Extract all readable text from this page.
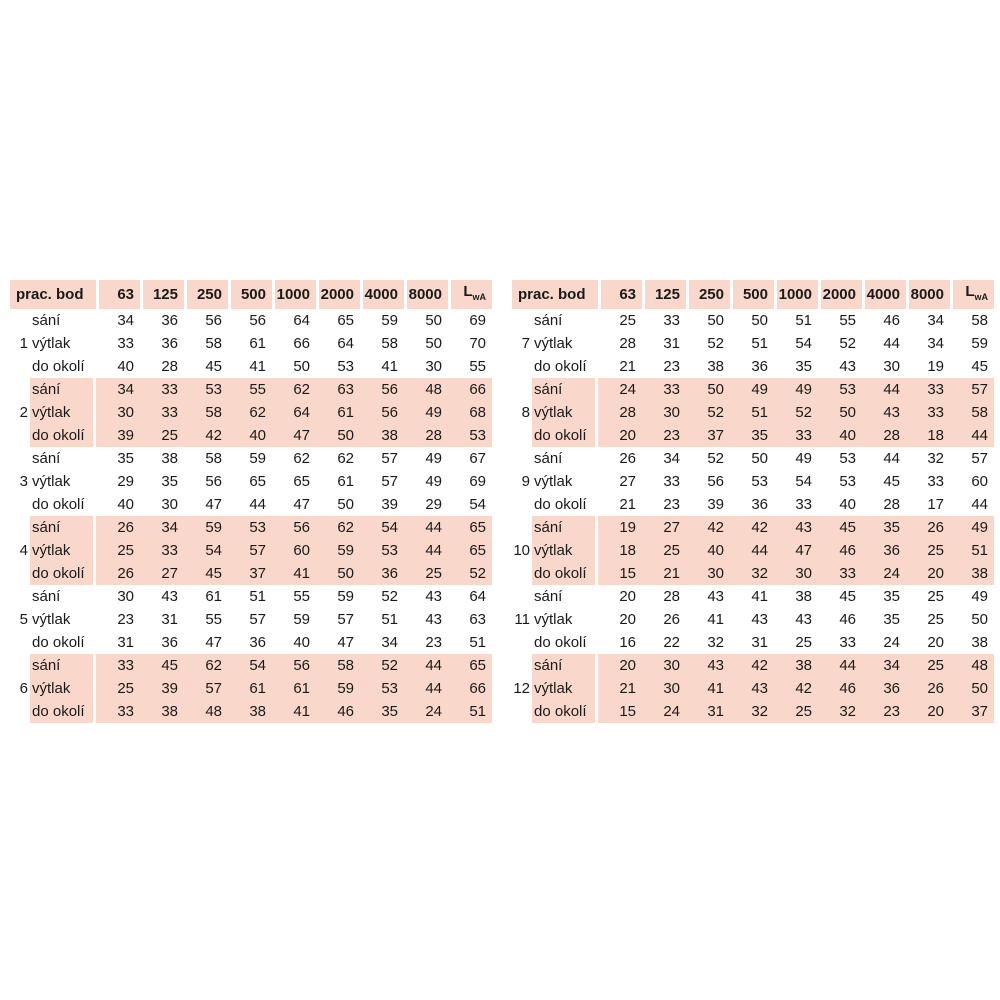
prac. bod		63	125	250	500	1000	2000	4000	8000	$L_{wA}$
1	sání	34	36	56	56	64	65	59	50	69
	výtlak	33	36	58	61	66	64	58	50	70
	do okolí	40	28	45	41	50	53	41	30	55
2	sání	34	33	53	55	62	63	56	48	66
	výtlak	30	33	58	62	64	61	56	49	68
	do okolí	39	25	42	40	47	50	38	28	53
3	sání	35	38	58	59	62	62	57	49	67
	výtlak	29	35	56	65	65	61	57	49	69
	do okolí	40	30	47	44	47	50	39	29	54
4	sání	26	34	59	53	56	62	54	44	65
	výtlak	25	33	54	57	60	59	53	44	65
	do okolí	26	27	45	37	41	50	36	25	52
5	sání	30	43	61	51	55	59	52	43	64
	výtlak	23	31	55	57	59	57	51	43	63
	do okolí	31	36	47	36	40	47	34	23	51
6	sání	33	45	62	54	56	58	52	44	65
	výtlak	25	39	57	61	61	59	53	44	66
	do okolí	33	38	48	38	41	46	35	24	51
prac. bod		63	125	250	500	1000	2000	4000	8000	$L_{wA}$
7	sání	25	33	50	50	51	55	46	34	58
	výtlak	28	31	52	51	54	52	44	34	59
	do okolí	21	23	38	36	35	43	30	19	45
8	sání	24	33	50	49	49	53	44	33	57
	výtlak	28	30	52	51	52	50	43	33	58
	do okolí	20	23	37	35	33	40	28	18	44
9	sání	26	34	52	50	49	53	44	32	57
	výtlak	27	33	56	53	54	53	45	33	60
	do okolí	21	23	39	36	33	40	28	17	44
10	sání	19	27	42	42	43	45	35	26	49
	výtlak	18	25	40	44	47	46	36	25	51
	do okolí	15	21	30	32	30	33	24	20	38
11	sání	20	28	43	41	38	45	35	25	49
	výtlak	20	26	41	43	43	46	35	25	50
	do okolí	16	22	32	31	25	33	24	20	38
12	sání	20	30	43	42	38	44	34	25	48
	výtlak	21	30	41	43	42	46	36	26	50
	do okolí	15	24	31	32	25	32	23	20	37
